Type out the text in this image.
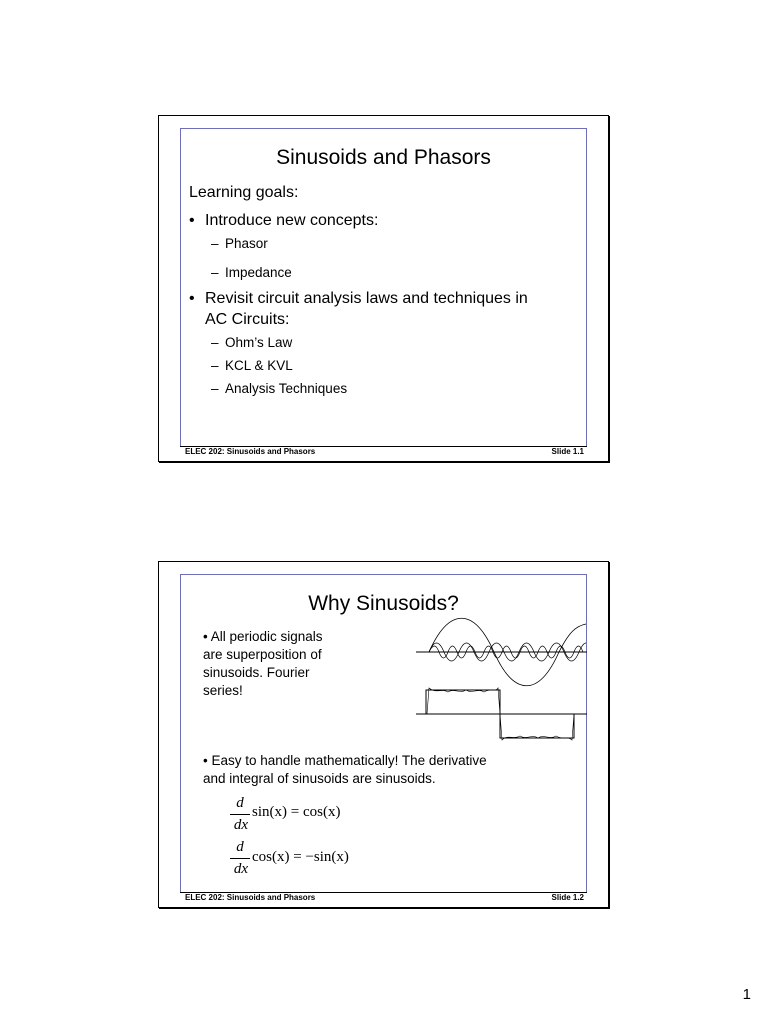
Sinusoids and Phasors
Learning goals:
• Introduce new concepts:
– Phasor
– Impedance
• Revisit circuit analysis laws and techniques in
AC Circuits:
– Ohm’s Law
– KCL & KVL
– Analysis Techniques
ELEC 202: Sinusoids and Phasors	Slide 1.1
Why Sinusoids?
• All periodic signals
are superposition of
sinusoids. Fourier
series!
• Easy to handle mathematically! The derivative
and integral of sinusoids are sinusoids.
d
dx
sin(x) = cos(x)
d
dx
cos(x) = −sin(x)
ELEC 202: Sinusoids and Phasors	Slide 1.2
1
